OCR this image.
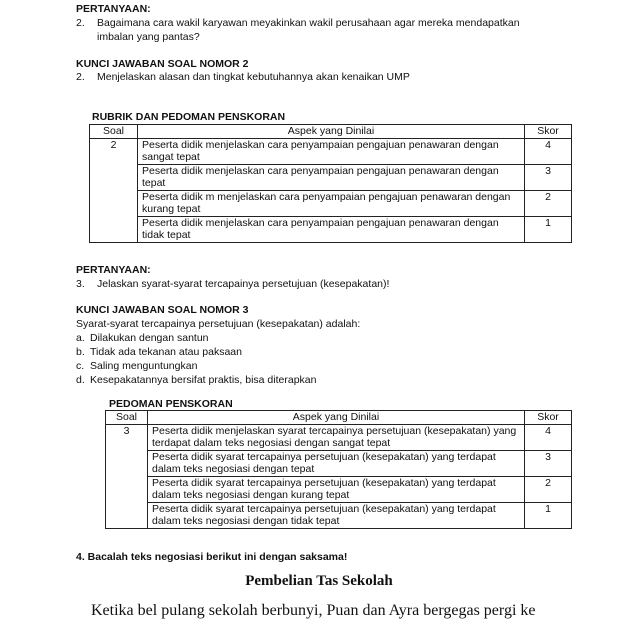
PERTANYAAN:
2. Bagaimana cara wakil karyawan meyakinkan wakil perusahaan agar mereka mendapatkan
imbalan yang pantas?
KUNCI JAWABAN SOAL NOMOR 2
2. Menjelaskan alasan dan tingkat kebutuhannya akan kenaikan UMP
RUBRIK DAN PEDOMAN PENSKORAN
Soal	Aspek yang Dinilai	Skor
2	Peserta didik menjelaskan cara penyampaian pengajuan penawaran dengan sangat tepat	4
	Peserta didik menjelaskan cara penyampaian pengajuan penawaran dengan tepat	3
	Peserta didik m menjelaskan cara penyampaian pengajuan penawaran dengan kurang tepat	2
	Peserta didik menjelaskan cara penyampaian pengajuan penawaran dengan tidak tepat	1
PERTANYAAN:
3. Jelaskan syarat-syarat tercapainya persetujuan (kesepakatan)!
KUNCI JAWABAN SOAL NOMOR 3
Syarat-syarat tercapainya persetujuan (kesepakatan) adalah:
a. Dilakukan dengan santun
b. Tidak ada tekanan atau paksaan
c. Saling menguntungkan
d. Kesepakatannya bersifat praktis, bisa diterapkan
PEDOMAN PENSKORAN
Soal	Aspek yang Dinilai	Skor
3	Peserta didik menjelaskan syarat tercapainya persetujuan (kesepakatan) yang terdapat dalam teks negosiasi dengan sangat tepat	4
	Peserta didik syarat tercapainya persetujuan (kesepakatan) yang terdapat dalam teks negosiasi dengan tepat	3
	Peserta didik syarat tercapainya persetujuan (kesepakatan) yang terdapat dalam teks negosiasi dengan kurang tepat	2
	Peserta didik syarat tercapainya persetujuan (kesepakatan) yang terdapat dalam teks negosiasi dengan tidak tepat	1
4. Bacalah teks negosiasi berikut ini dengan saksama!
Pembelian Tas Sekolah
Ketika bel pulang sekolah berbunyi, Puan dan Ayra bergegas pergi ke
